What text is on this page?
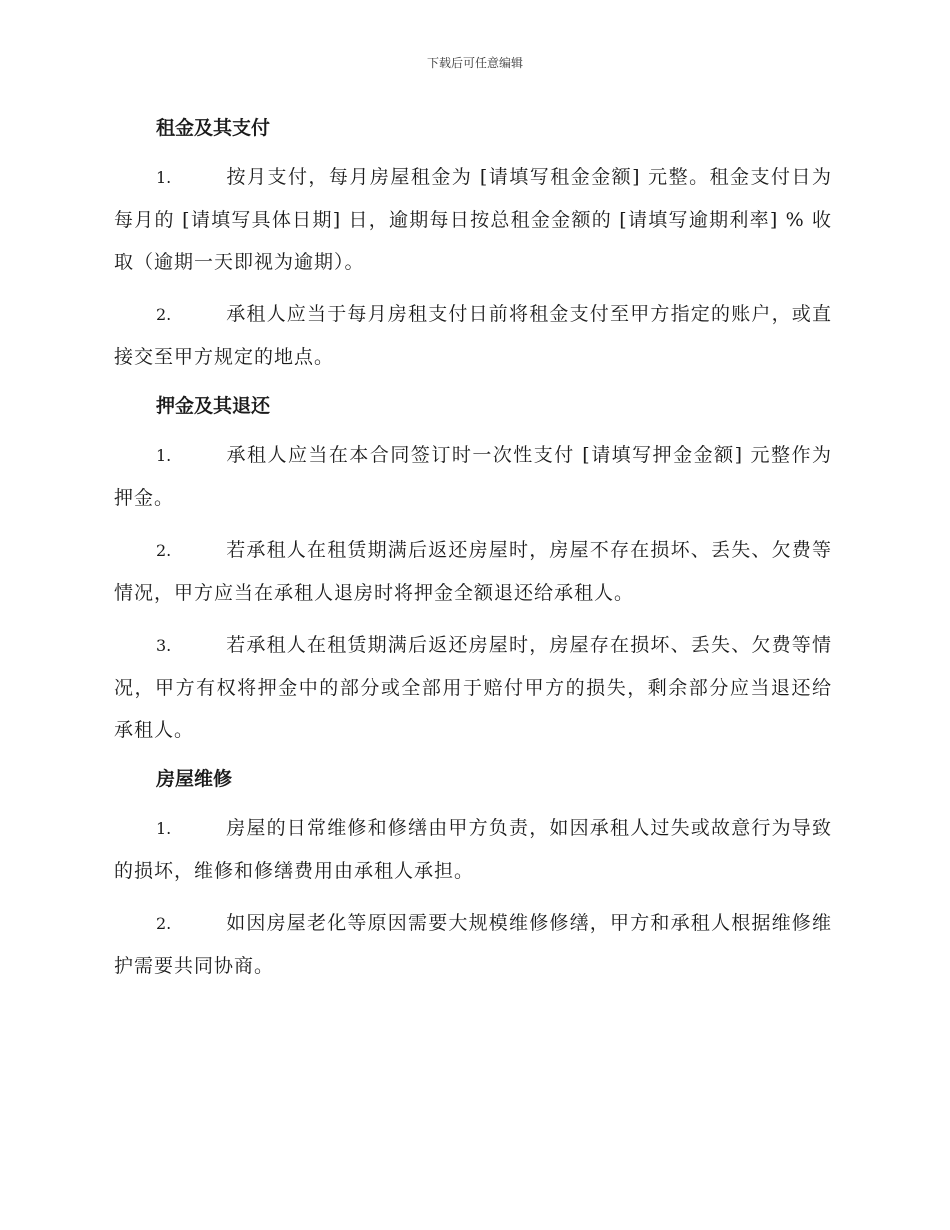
下载后可任意编辑
租金及其支付

1.	按月支付，每月房屋租金为 [请填写租金金额] 元整。租金支付日为每月的 [请填写具体日期] 日，逾期每日按总租金金额的 [请填写逾期利率] % 收取（逾期一天即视为逾期）。

2.	承租人应当于每月房租支付日前将租金支付至甲方指定的账户，或直接交至甲方规定的地点。

押金及其退还

1.	承租人应当在本合同签订时一次性支付 [请填写押金金额] 元整作为押金。

2.	若承租人在租赁期满后返还房屋时，房屋不存在损坏、丢失、欠费等情况，甲方应当在承租人退房时将押金全额退还给承租人。

3.	若承租人在租赁期满后返还房屋时，房屋存在损坏、丢失、欠费等情况，甲方有权将押金中的部分或全部用于赔付甲方的损失，剩余部分应当退还给承租人。

房屋维修

1.	房屋的日常维修和修缮由甲方负责，如因承租人过失或故意行为导致的损坏，维修和修缮费用由承租人承担。

2.	如因房屋老化等原因需要大规模维修修缮，甲方和承租人根据维修维护需要共同协商。
